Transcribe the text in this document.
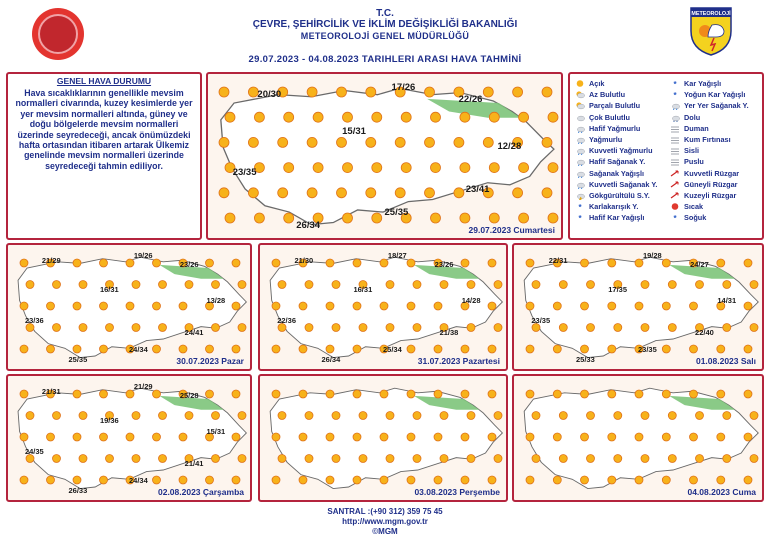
T.C.
ÇEVRE, ŞEHİRCİLİK VE İKLİM DEĞİŞİKLİĞİ BAKANLIĞI
METEOROLOJİ GENEL MÜDÜRLÜĞÜ
29.07.2023 - 04.08.2023 TARIHLERI ARASI HAVA TAHMİNİ
METEOROLOJİ
GENEL HAVA DURUMU
Hava sıcaklıklarının genellikle mevsim normalleri civarında, kuzey kesimlerde yer yer mevsim normalleri altında, güney ve doğu bölgelerde mevsim normalleri üzerinde seyredeceği, ancak önümüzdeki hafta ortasından itibaren artarak Ülkemiz genelinde mevsim normalleri üzerinde seyredeceği tahmin ediliyor.
20/30
17/26
22/26
15/31
12/28
23/35
23/41
25/35
26/34	29.07.2023 Cumartesi
21/29
19/26
23/26
16/31
13/28
23/36
24/41
24/34
25/35	30.07.2023 Pazar
21/30
18/27
23/26
16/31
14/28
22/36
21/38
25/34
26/34	31.07.2023 Pazartesi
22/31
19/28
24/27
17/35
14/31
23/35
22/40
23/35
25/33	01.08.2023 Salı
21/31
21/29
25/28
19/36
15/31
24/35
21/41
24/34
26/33	02.08.2023 Çarşamba	03.08.2023 Perşembe	04.08.2023 Cuma
Açık
Az Bulutlu
Parçalı Bulutlu
Çok Bulutlu
Hafif Yağmurlu
Yağmurlu
Kuvvetli Yağmurlu
Hafif Sağanak Y.
Sağanak Yağışlı
Kuvvetli Sağanak Y.
Gökgürültülü S.Y.
* Karlakarışık Y.
* Hafif Kar Yağışlı
* Kar Yağışlı
* Yoğun Kar Yağışlı
Yer Yer Sağanak Y.
Dolu
Duman
Kum Fırtınası
Sisli
Puslu
Kuvvetli Rüzgar
Güneyli Rüzgar
Kuzeyli Rüzgar
Sıcak
* Soğuk
SANTRAL :(+90 312) 359 75 45
http://www.mgm.gov.tr
©MGM
